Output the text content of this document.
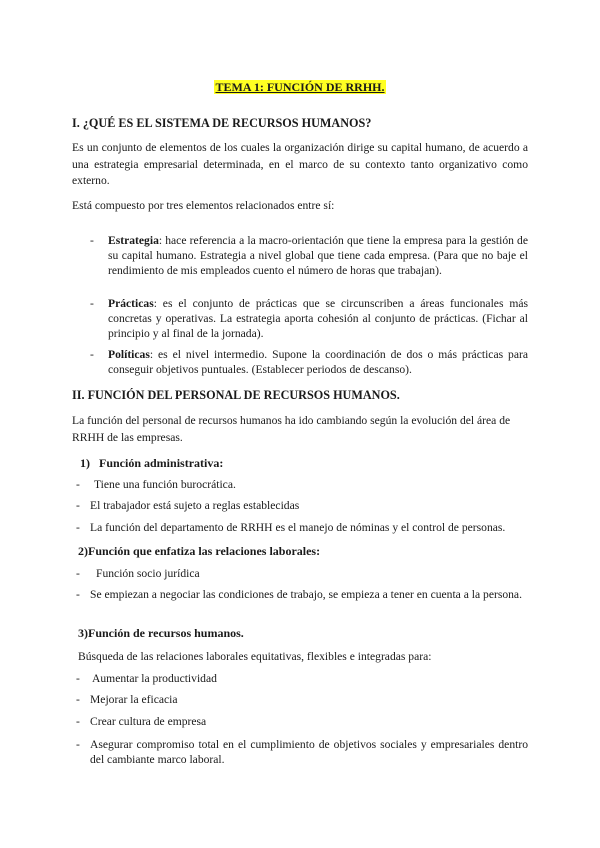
TEMA 1: FUNCIÓN DE RRHH.
I. ¿QUÉ ES EL SISTEMA DE RECURSOS HUMANOS?
Es un conjunto de elementos de los cuales la organización dirige su capital humano, de acuerdo a una estrategia empresarial determinada, en el marco de su contexto tanto organizativo como externo.
Está compuesto por tres elementos relacionados entre sí:
- Estrategia: hace referencia a la macro-orientación que tiene la empresa para la gestión de su capital humano. Estrategia a nivel global que tiene cada empresa. (Para que no baje el rendimiento de mis empleados cuento el número de horas que trabajan).
- Prácticas: es el conjunto de prácticas que se circunscriben a áreas funcionales más concretas y operativas. La estrategia aporta cohesión al conjunto de prácticas. (Fichar al principio y al final de la jornada).
- Políticas: es el nivel intermedio. Supone la coordinación de dos o más prácticas para conseguir objetivos puntuales. (Establecer periodos de descanso).
II. FUNCIÓN DEL PERSONAL DE RECURSOS HUMANOS.
La función del personal de recursos humanos ha ido cambiando según la evolución del área de RRHH de las empresas.
1) Función administrativa:
- Tiene una función burocrática.
- El trabajador está sujeto a reglas establecidas
- La función del departamento de RRHH es el manejo de nóminas y el control de personas.
2)Función que enfatiza las relaciones laborales:
- Función socio jurídica
- Se empiezan a negociar las condiciones de trabajo, se empieza a tener en cuenta a la persona.
3)Función de recursos humanos.
Búsqueda de las relaciones laborales equitativas, flexibles e integradas para:
- Aumentar la productividad
- Mejorar la eficacia
- Crear cultura de empresa
- Asegurar compromiso total en el cumplimiento de objetivos sociales y empresariales dentro del cambiante marco laboral.
